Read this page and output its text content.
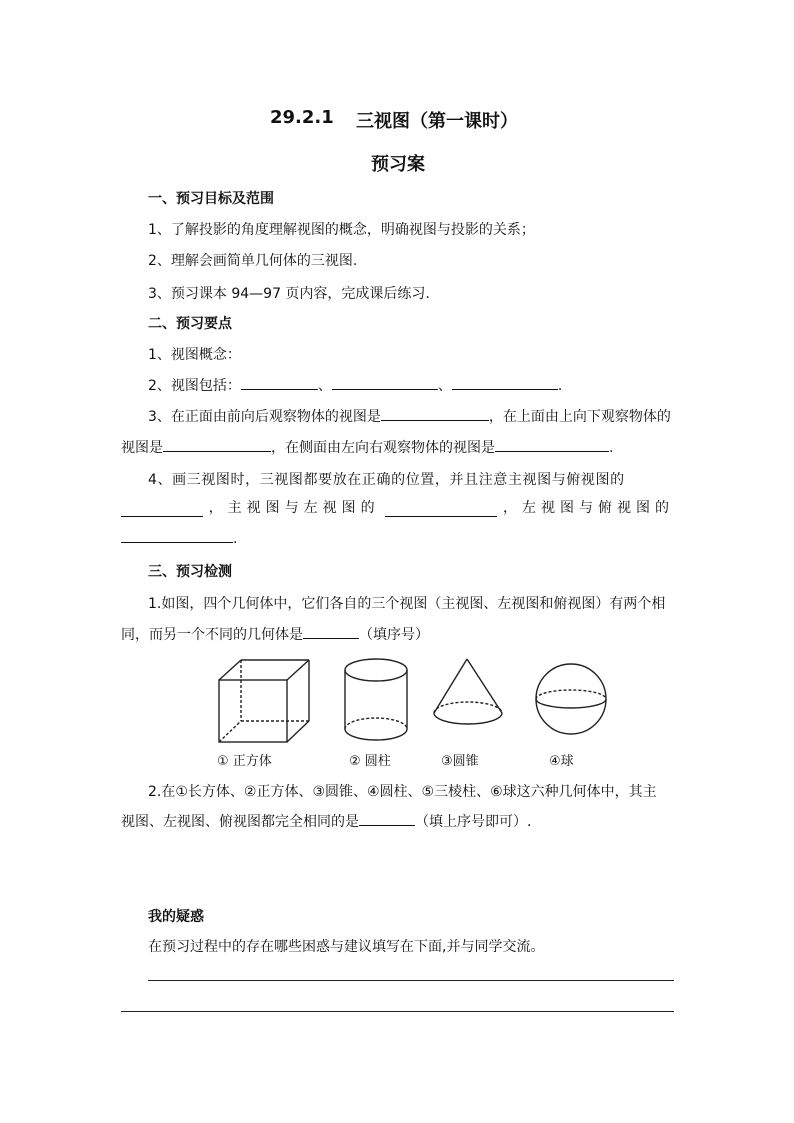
29.2.1 三视图（第一课时）
预习案
一、预习目标及范围
1、了解投影的角度理解视图的概念，明确视图与投影的关系；
2、理解会画简单几何体的三视图.
3、预习课本 94—97 页内容，完成课后练习.
二、预习要点
1、视图概念：
2、视图包括：	、	、	.
3、在正面由前向后观察物体的视图是	，在上面由上向下观察物体的
视图是	，在侧面由左向右观察物体的视图是	.
4、画三视图时，三视图都要放在正确的位置，并且注意主视图与俯视图的
，主视图与左视图的	，左视图与俯视图的
.
三、预习检测
1.如图，四个几何体中，它们各自的三个视图（主视图、左视图和俯视图）有两个相
同，而另一个不同的几何体是	（填序号）
① 正方体	② 圆柱	③圆锥	④球
2.在①长方体、②正方体、③圆锥、④圆柱、⑤三棱柱、⑥球这六种几何体中，其主
视图、左视图、俯视图都完全相同的是	（填上序号即可）.
我的疑惑
在预习过程中的存在哪些困惑与建议填写在下面,并与同学交流。
